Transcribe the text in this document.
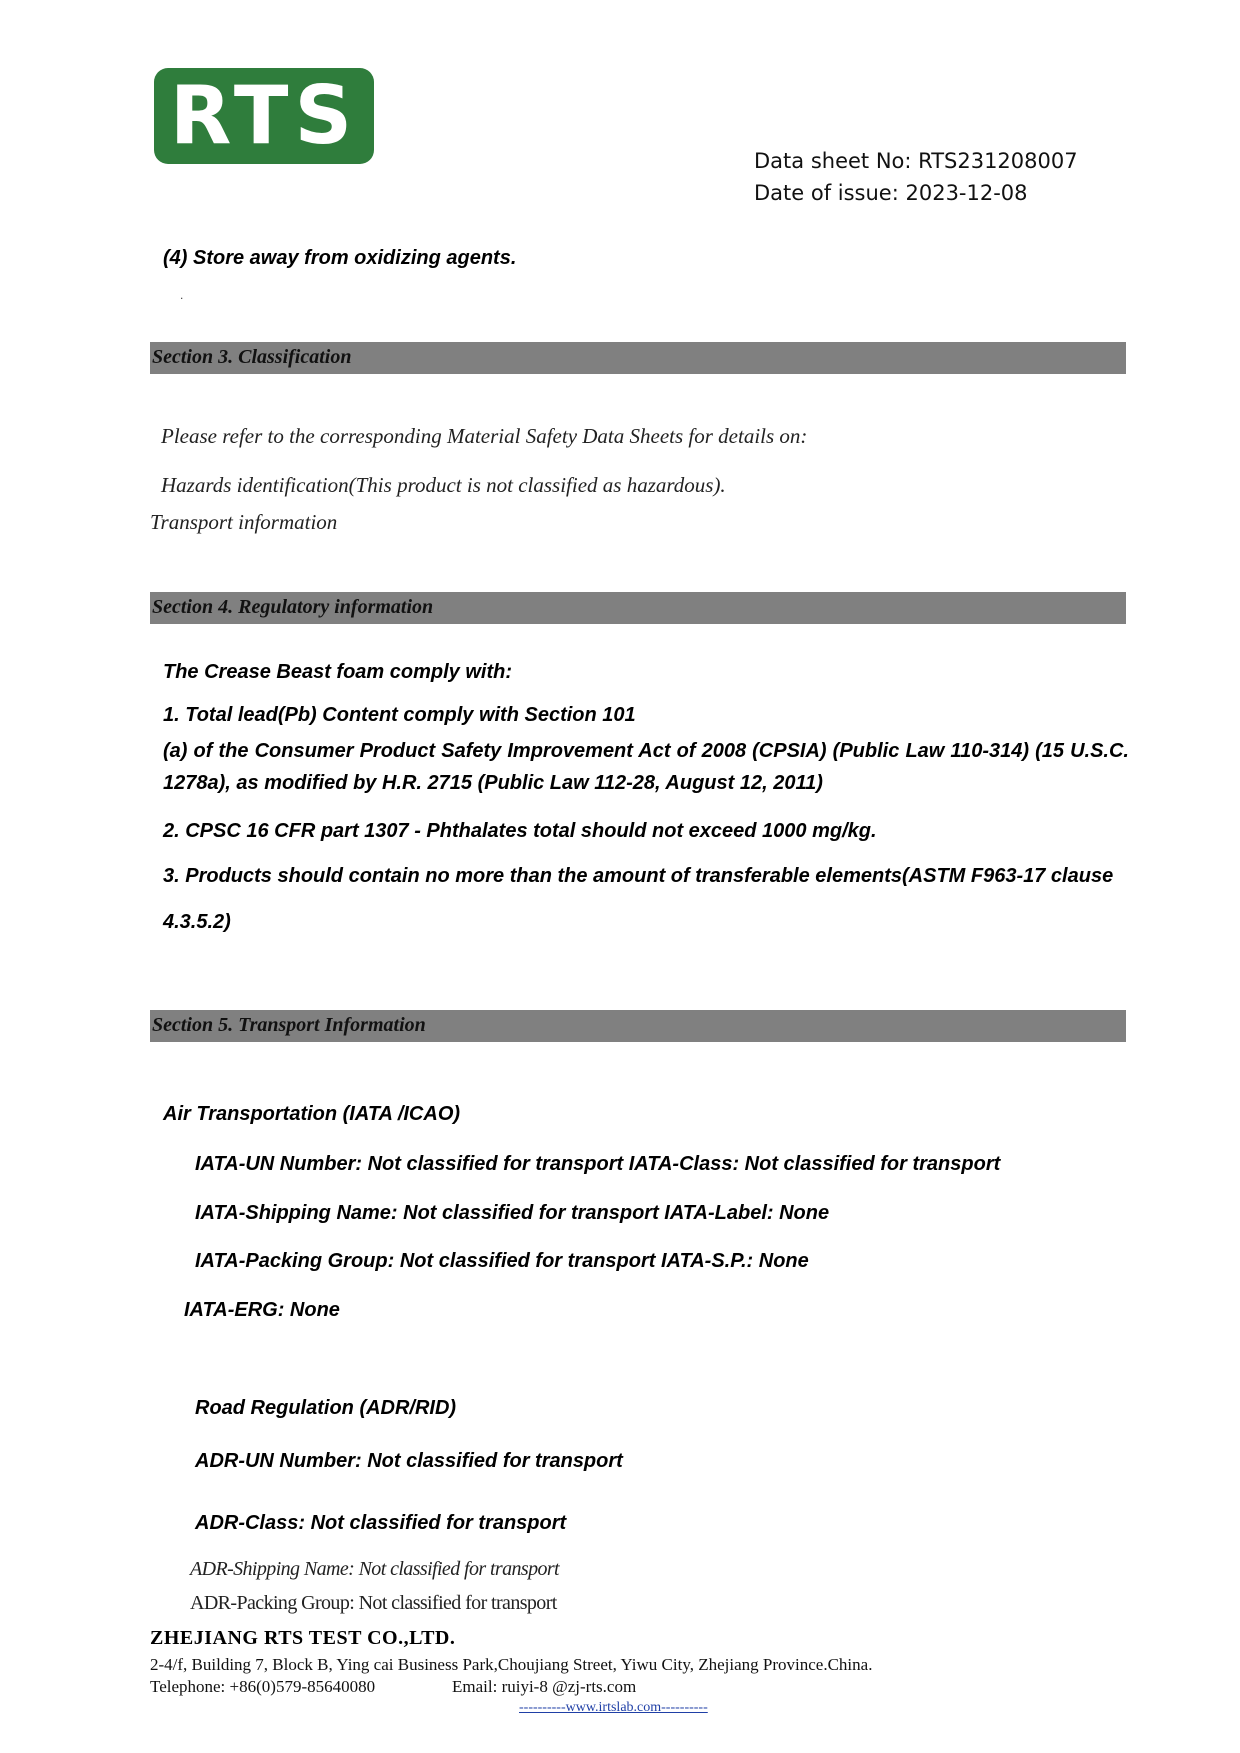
RTS	Data sheet No: RTS231208007
Date of issue: 2023-12-08
(4) Store away from oxidizing agents.
.
Section 3. Classification
Please refer to the corresponding Material Safety Data Sheets for details on:
Hazards identification(This product is not classified as hazardous).
Transport information
Section 4. Regulatory information
The Crease Beast foam comply with:
1. Total lead(Pb) Content comply with Section 101
(a) of the Consumer Product Safety Improvement Act of 2008 (CPSIA) (Public Law 110-314) (15 U.S.C. 1278a), as modified by H.R. 2715 (Public Law 112-28, August 12, 2011)
2. CPSC 16 CFR part 1307 - Phthalates total should not exceed 1000 mg/kg.
3. Products should contain no more than the amount of transferable elements(ASTM F963-17 clause
4.3.5.2)
Section 5. Transport Information
Air Transportation (IATA /ICAO)
IATA-UN Number: Not classified for transport IATA-Class: Not classified for transport
IATA-Shipping Name: Not classified for transport IATA-Label: None
IATA-Packing Group: Not classified for transport IATA-S.P.: None
IATA-ERG: None
Road Regulation (ADR/RID)
ADR-UN Number: Not classified for transport
ADR-Class: Not classified for transport
ADR-Shipping Name: Not classified for transport
ADR-Packing Group: Not classified for transport
ZHEJIANG RTS TEST CO.,LTD.
2-4/f, Building 7, Block B, Ying cai Business Park,Choujiang Street, Yiwu City, Zhejiang Province.China.
Telephone: +86(0)579-85640080	Email: ruiyi-8 @zj-rts.com
----------www.irtslab.com----------
